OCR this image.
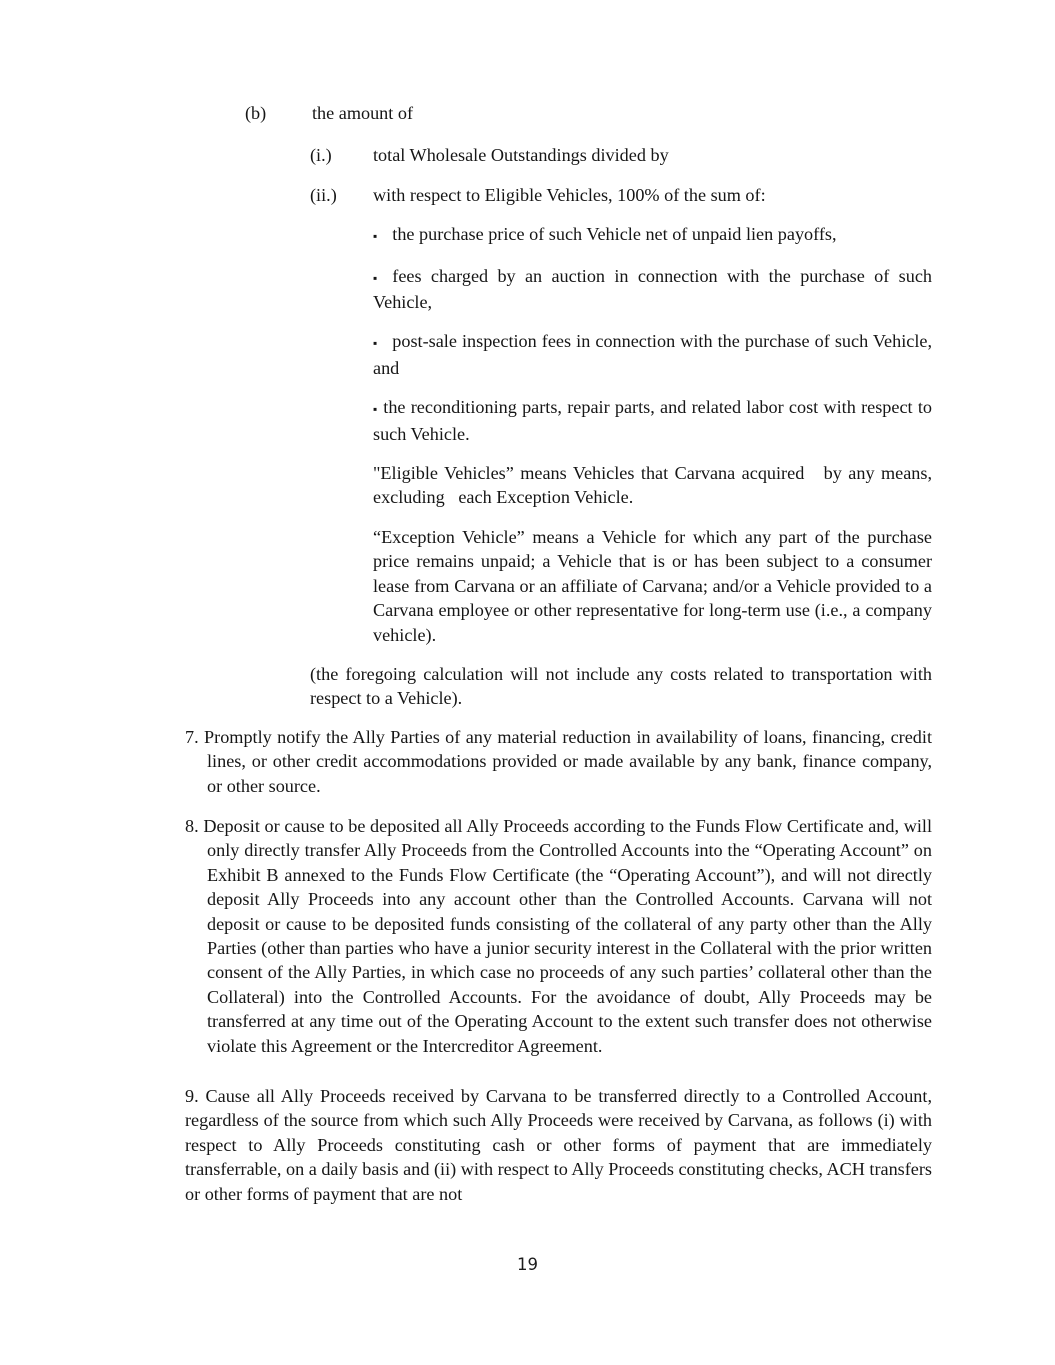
(b)	the amount of

(i.) total Wholesale Outstandings divided by

(ii.) with respect to Eligible Vehicles, 100% of the sum of:

▪ the purchase price of such Vehicle net of unpaid lien payoffs,

▪ fees charged by an auction in connection with the purchase of such Vehicle,

▪ post-sale inspection fees in connection with the purchase of such Vehicle, and

▪ the reconditioning parts, repair parts, and related labor cost with respect to such Vehicle.

"Eligible Vehicles” means Vehicles that Carvana acquired   by any means, excluding   each Exception Vehicle.

“Exception Vehicle” means a Vehicle for which any part of the purchase price remains unpaid; a Vehicle that is or has been subject to a consumer lease from Carvana or an affiliate of Carvana; and/or a Vehicle provided to a Carvana employee or other representative for long-term use (i.e., a company vehicle).

(the foregoing calculation will not include any costs related to transportation with respect to a Vehicle).

7. Promptly notify the Ally Parties of any material reduction in availability of loans, financing, credit lines, or other credit accommodations provided or made available by any bank, finance company, or other source.

8. Deposit or cause to be deposited all Ally Proceeds according to the Funds Flow Certificate and, will only directly transfer Ally Proceeds from the Controlled Accounts into the “Operating Account” on Exhibit B annexed to the Funds Flow Certificate (the “Operating Account”), and will not directly deposit Ally Proceeds into any account other than the Controlled Accounts. Carvana will not deposit or cause to be deposited funds consisting of the collateral of any party other than the Ally Parties (other than parties who have a junior security interest in the Collateral with the prior written consent of the Ally Parties, in which case no proceeds of any such parties’ collateral other than the Collateral) into the Controlled Accounts. For the avoidance of doubt, Ally Proceeds may be transferred at any time out of the Operating Account to the extent such transfer does not otherwise violate this Agreement or the Intercreditor Agreement.

9. Cause all Ally Proceeds received by Carvana to be transferred directly to a Controlled Account, regardless of the source from which such Ally Proceeds were received by Carvana, as follows (i) with respect to Ally Proceeds constituting cash or other forms of payment that are immediately transferrable, on a daily basis and (ii) with respect to Ally Proceeds constituting checks, ACH transfers or other forms of payment that are not

19
